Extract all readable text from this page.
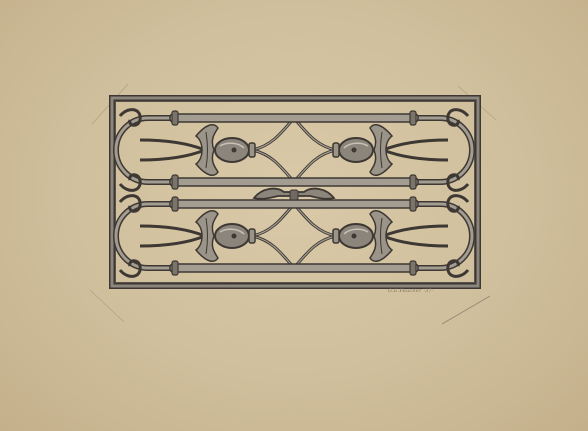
G.E.Faucher ·37·
